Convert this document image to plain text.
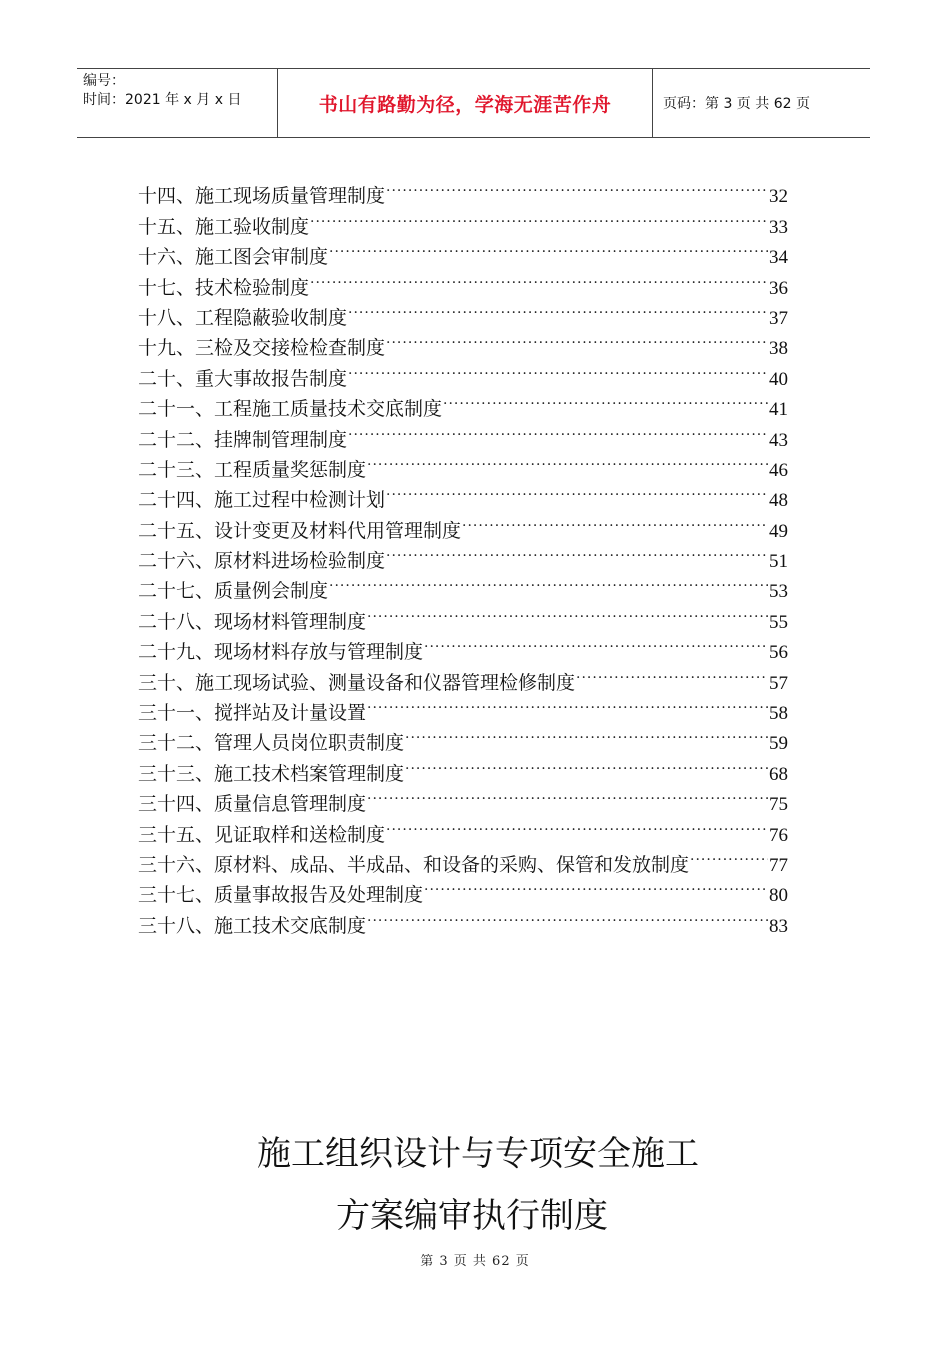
编号：
时间：2021 年 x 月 x 日	书山有路勤为径，学海无涯苦作舟	页码：第 3 页 共 62 页
十四、施工现场质量管理制度 ·····	32
十五、施工验收制度 ·····	33
十六、施工图会审制度 ·····	34
十七、技术检验制度 ·····	36
十八、工程隐蔽验收制度 ·····	37
十九、三检及交接检检查制度 ·····	38
二十、重大事故报告制度 ·····	40
二十一、工程施工质量技术交底制度 ·····	41
二十二、挂牌制管理制度 ·····	43
二十三、工程质量奖惩制度 ·····	46
二十四、施工过程中检测计划 ·····	48
二十五、设计变更及材料代用管理制度 ·····	49
二十六、原材料进场检验制度 ·····	51
二十七、质量例会制度 ·····	53
二十八、现场材料管理制度 ·····	55
二十九、现场材料存放与管理制度 ·····	56
三十、施工现场试验、测量设备和仪器管理检修制度 ·····	57
三十一、搅拌站及计量设置 ·····	58
三十二、管理人员岗位职责制度 ·····	59
三十三、施工技术档案管理制度 ·····	68
三十四、质量信息管理制度 ·····	75
三十五、见证取样和送检制度 ·····	76
三十六、原材料、成品、半成品、和设备的采购、保管和发放制度 ·····	77
三十七、质量事故报告及处理制度 ·····	80
三十八、施工技术交底制度 ·····	83
施工组织设计与专项安全施工
方案编审执行制度
第 3 页 共 62 页
